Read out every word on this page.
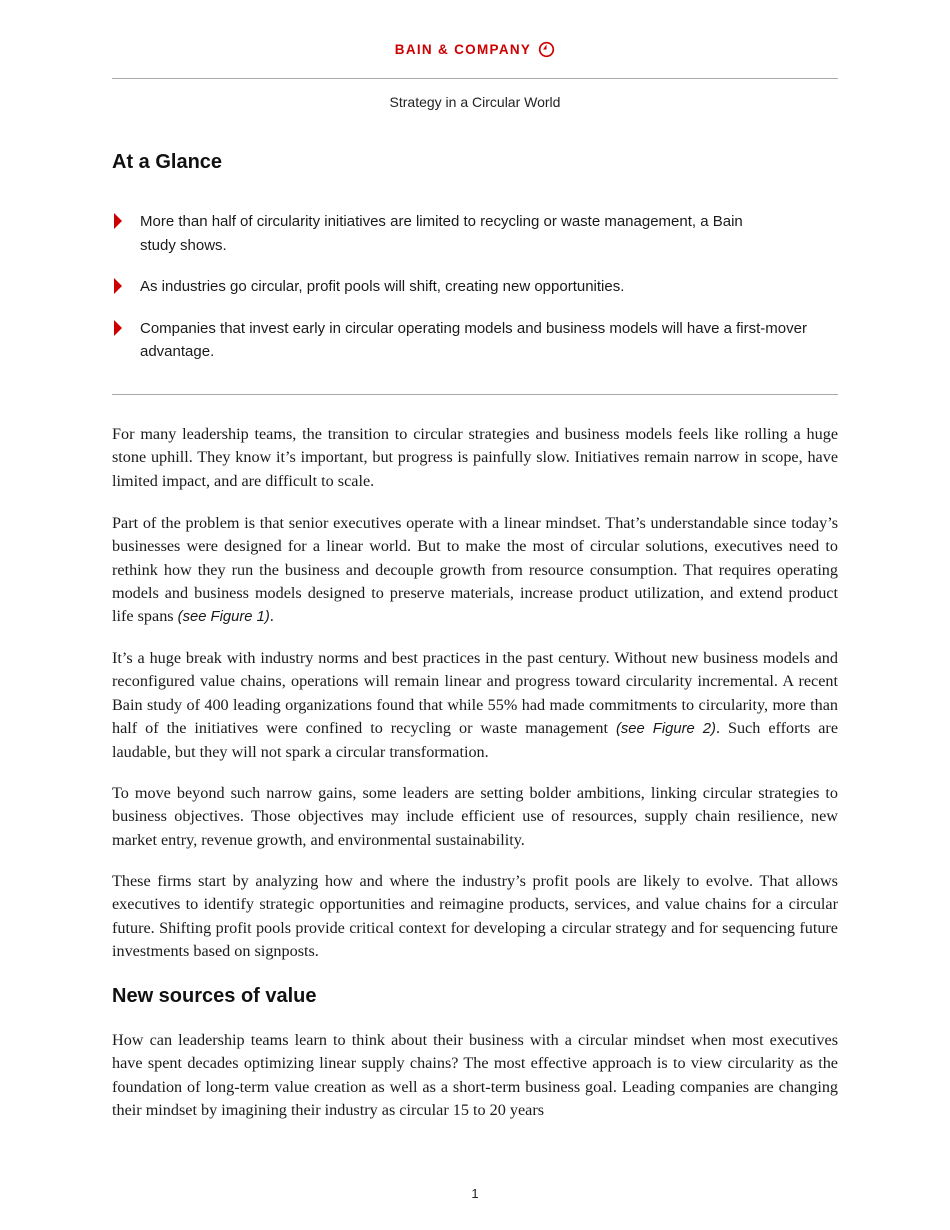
BAIN & COMPANY
Strategy in a Circular World
At a Glance
More than half of circularity initiatives are limited to recycling or waste management, a Bain study shows.
As industries go circular, profit pools will shift, creating new opportunities.
Companies that invest early in circular operating models and business models will have a first-mover advantage.

For many leadership teams, the transition to circular strategies and business models feels like rolling a huge stone uphill. They know it’s important, but progress is painfully slow. Initiatives remain narrow in scope, have limited impact, and are difficult to scale.

Part of the problem is that senior executives operate with a linear mindset. That’s understandable since today’s businesses were designed for a linear world. But to make the most of circular solutions, executives need to rethink how they run the business and decouple growth from resource consumption. That requires operating models and business models designed to preserve materials, increase product utilization, and extend product life spans (see Figure 1).

It’s a huge break with industry norms and best practices in the past century. Without new business models and reconfigured value chains, operations will remain linear and progress toward circularity incremental. A recent Bain study of 400 leading organizations found that while 55% had made commitments to circularity, more than half of the initiatives were confined to recycling or waste management (see Figure 2). Such efforts are laudable, but they will not spark a circular transformation.

To move beyond such narrow gains, some leaders are setting bolder ambitions, linking circular strategies to business objectives. Those objectives may include efficient use of resources, supply chain resilience, new market entry, revenue growth, and environmental sustainability.

These firms start by analyzing how and where the industry’s profit pools are likely to evolve. That allows executives to identify strategic opportunities and reimagine products, services, and value chains for a circular future. Shifting profit pools provide critical context for developing a circular strategy and for sequencing future investments based on signposts.

New sources of value

How can leadership teams learn to think about their business with a circular mindset when most executives have spent decades optimizing linear supply chains? The most effective approach is to view circularity as the foundation of long-term value creation as well as a short-term business goal. Leading companies are changing their mindset by imagining their industry as circular 15 to 20 years

1
